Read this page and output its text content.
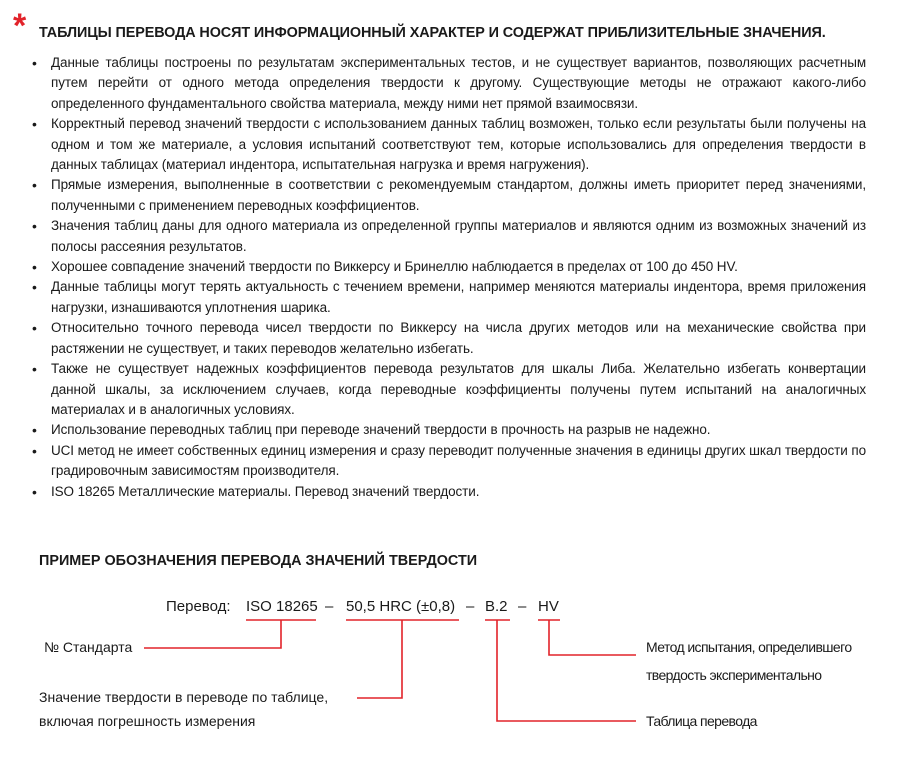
* ТАБЛИЦЫ ПЕРЕВОДА НОСЯТ ИНФОРМАЦИОННЫЙ ХАРАКТЕР И СОДЕРЖАТ ПРИБЛИЗИТЕЛЬНЫЕ ЗНАЧЕНИЯ.
• Данные таблицы построены по результатам экспериментальных тестов, и не существует вариантов, позволяющих расчетным путем перейти от одного метода определения твердости к другому. Существующие методы не отражают какого-либо определенного фундаментального свойства материала, между ними нет прямой взаимосвязи.
• Корректный перевод значений твердости с использованием данных таблиц возможен, только если результаты были получены на одном и том же материале, а условия испытаний соответствуют тем, которые использовались для определения твердости в данных таблицах (материал индентора, испытательная нагрузка и время нагружения).
• Прямые измерения, выполненные в соответствии с рекомендуемым стандартом, должны иметь приоритет перед значениями, полученными с применением переводных коэффициентов.
• Значения таблиц даны для одного материала из определенной группы материалов и являются одним из возможных значений из полосы рассеяния результатов.
• Хорошее совпадение значений твердости по Виккерсу и Бринеллю наблюдается в пределах от 100 до 450 HV.
• Данные таблицы могут терять актуальность с течением времени, например меняются материалы индентора, время приложения нагрузки, изнашиваются уплотнения шарика.
• Относительно точного перевода чисел твердости по Виккерсу на числа других методов или на механические свойства при растяжении не существует, и таких переводов желательно избегать.
• Также не существует надежных коэффициентов перевода результатов для шкалы Либа. Желательно избегать конвертации данной шкалы, за исключением случаев, когда переводные коэффициенты получены путем испытаний на аналогичных материалах и в аналогичных условиях.
• Использование переводных таблиц при переводе значений твердости в прочность на разрыв не надежно.
• UCI метод не имеет собственных единиц измерения и сразу переводит полученные значения в единицы других шкал твердости по градировочным зависимостям производителя.
• ISO 18265 Металлические материалы. Перевод значений твердости.
ПРИМЕР ОБОЗНАЧЕНИЯ ПЕРЕВОДА ЗНАЧЕНИЙ ТВЕРДОСТИ
Перевод: ISO 18265 – 50,5 HRC (±0,8) – B.2 – HV
№ Стандарта
Значение твердости в переводе по таблице,
включая погрешность измерения
Метод испытания, определившего
твердость экспериментально
Таблица перевода
